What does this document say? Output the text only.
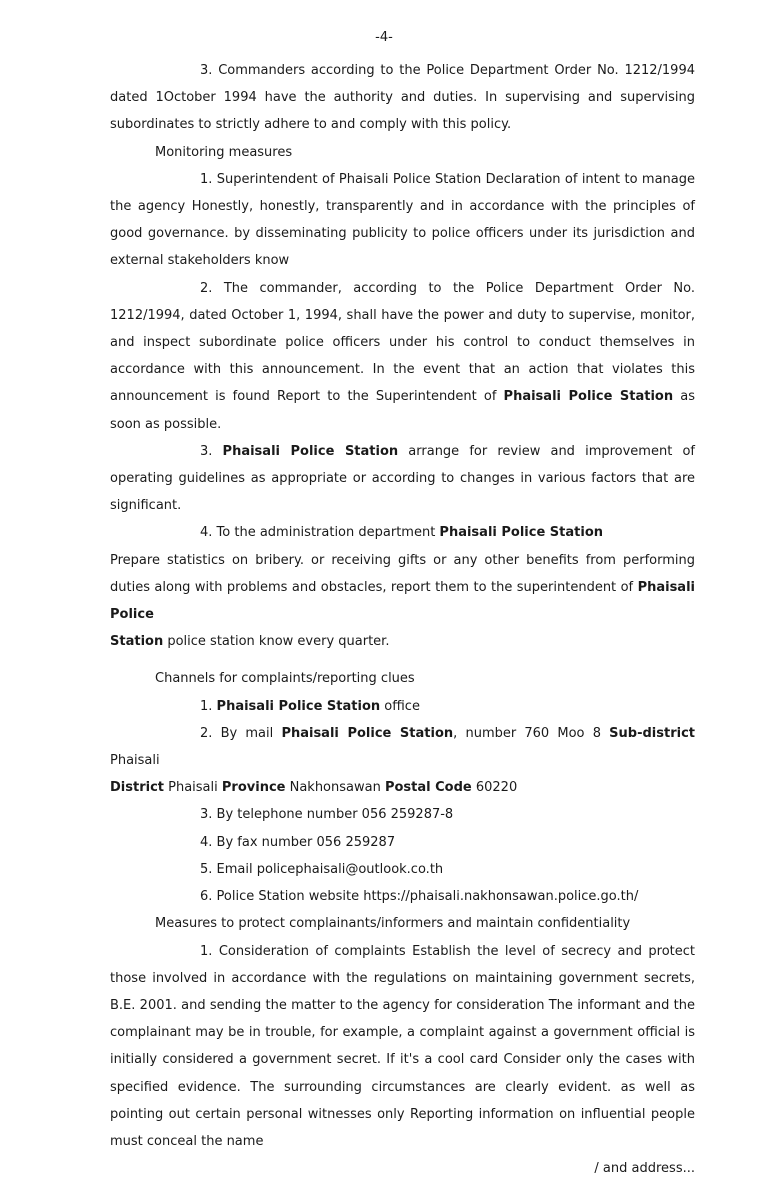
-4-

3. Commanders according to the Police Department Order No. 1212/1994 dated 1October 1994 have the authority and duties. In supervising and supervising subordinates to strictly adhere to and comply with this policy.

Monitoring measures

1. Superintendent of Phaisali Police Station Declaration of intent to manage the agency Honestly, honestly, transparently and in accordance with the principles of good governance. by disseminating publicity to police officers under its jurisdiction and external stakeholders know

2. The commander, according to the Police Department Order No. 1212/1994, dated October 1, 1994, shall have the power and duty to supervise, monitor, and inspect subordinate police officers under his control to conduct themselves in accordance with this announcement. In the event that an action that violates this announcement is found Report to the Superintendent of Phaisali Police Station as soon as possible.

3. Phaisali Police Station arrange for review and improvement of operating guidelines as appropriate or according to changes in various factors that are significant.

4. To the administration department Phaisali Police Station

Prepare statistics on bribery. or receiving gifts or any other benefits from performing duties along with problems and obstacles, report them to the superintendent of Phaisali Police
Station police station know every quarter.

Channels for complaints/reporting clues

1. Phaisali Police Station office

2. By mail Phaisali Police Station, number 760 Moo 8 Sub-district Phaisali
District Phaisali Province Nakhonsawan Postal Code 60220

3. By telephone number 056 259287-8

4. By fax number 056 259287

5. Email policephaisali@outlook.co.th

6. Police Station website https://phaisali.nakhonsawan.police.go.th/

Measures to protect complainants/informers and maintain confidentiality

1. Consideration of complaints Establish the level of secrecy and protect those involved in accordance with the regulations on maintaining government secrets, B.E. 2001. and sending the matter to the agency for consideration The informant and the complainant may be in trouble, for example, a complaint against a government official is initially considered a government secret. If it's a cool card Consider only the cases with specified evidence. The surrounding circumstances are clearly evident. as well as pointing out certain personal witnesses only Reporting information on influential people must conceal the name

/ and address...
